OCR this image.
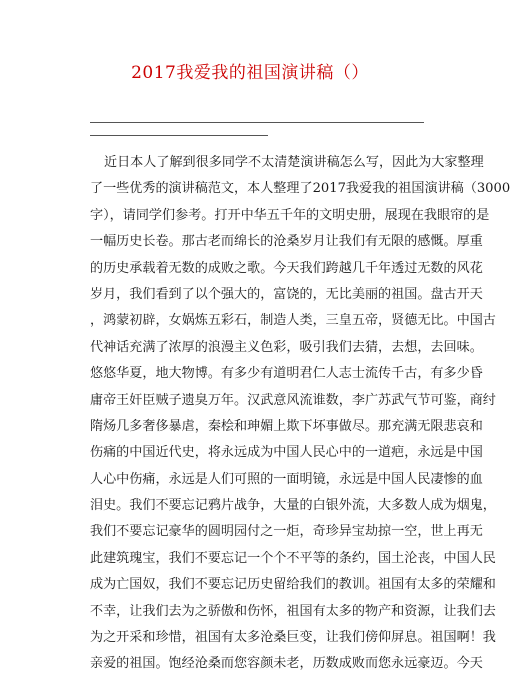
2017我爱我的祖国演讲稿（）
近日本人了解到很多同学不太清楚演讲稿怎么写，因此为大家整理
了一些优秀的演讲稿范文，本人整理了2017我爱我的祖国演讲稿（3000
字），请同学们参考。打开中华五千年的文明史册，展现在我眼帘的是
一幅历史长卷。那古老而绵长的沧桑岁月让我们有无限的感慨。厚重
的历史承载着无数的成败之歌。今天我们跨越几千年透过无数的风花
岁月，我们看到了以个强大的，富饶的，无比美丽的祖国。盘古开天
，鸿蒙初辟，女娲炼五彩石，制造人类，三皇五帝，贤德无比。中国古
代神话充满了浓厚的浪漫主义色彩，吸引我们去猜，去想，去回味。
悠悠华夏，地大物博。有多少有道明君仁人志士流传千古，有多少昏
庸帝王奸臣贼子遗臭万年。汉武意风流谁数，李广苏武气节可鉴，商纣
隋炀几多奢侈暴虐，秦桧和珅媚上欺下坏事做尽。那充满无限悲哀和
伤痛的中国近代史，将永远成为中国人民心中的一道疤，永远是中国
人心中伤痛，永远是人们可照的一面明镜，永远是中国人民凄惨的血
泪史。我们不要忘记鸦片战争，大量的白银外流，大多数人成为烟鬼，
我们不要忘记豪华的圆明园付之一炬，奇珍异宝劫掠一空，世上再无
此建筑瑰宝，我们不要忘记一个个不平等的条约，国土沦丧，中国人民
成为亡国奴，我们不要忘记历史留给我们的教训。祖国有太多的荣耀和
不幸，让我们去为之骄傲和伤怀，祖国有太多的物产和资源，让我们去
为之开采和珍惜，祖国有太多沧桑巨变，让我们傍仰屏息。祖国啊！我
亲爱的祖国。饱经沧桑而您容颜未老，历数成败而您永远豪迈。今天
